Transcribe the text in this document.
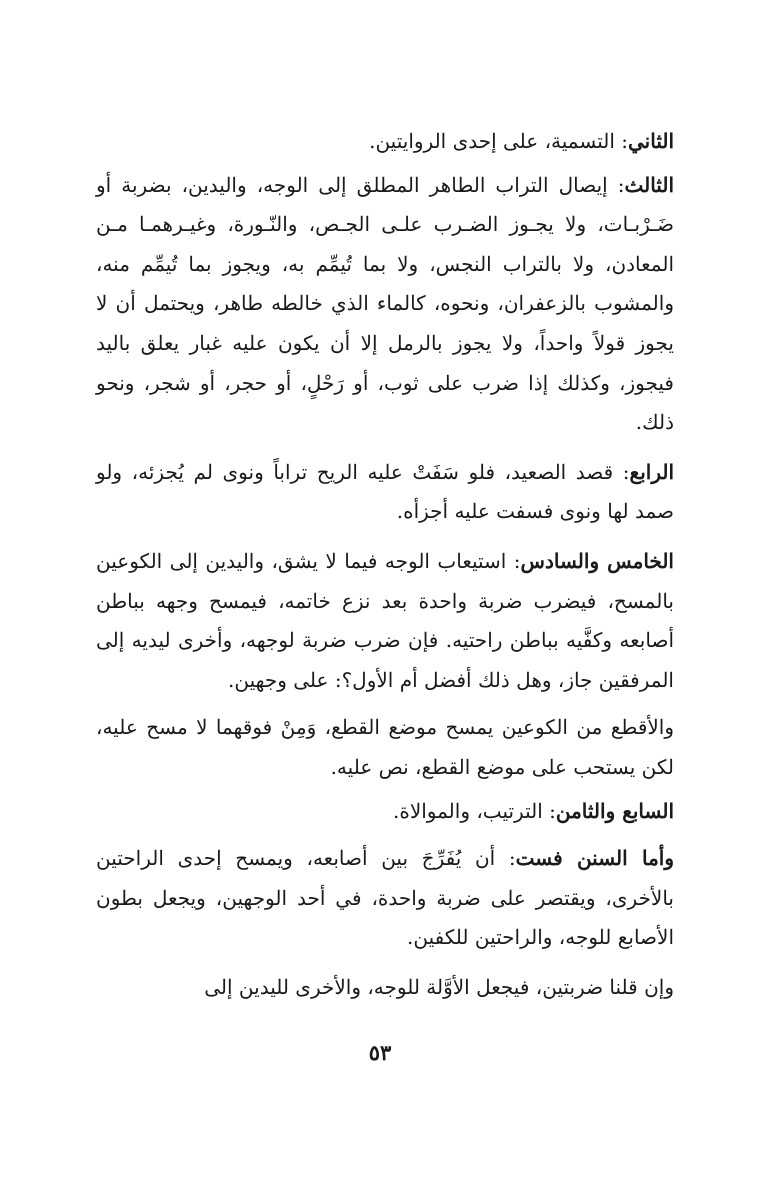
الثاني: التسمية، على إحدى الروايتين.

الثالث: إيصال التراب الطاهر المطلق إلى الوجه، واليدين، بضربة أو ضَـرْبـات، ولا يجـوز الضـرب علـى الجـص، والنّـورة، وغيـرهمـا مـن المعادن، ولا بالتراب النجس، ولا بما تُيمِّم به، ويجوز بما تُيمِّم منه، والمشوب بالزعفران، ونحوه، كالماء الذي خالطه طاهر، ويحتمل أن لا يجوز قولاً واحداً، ولا يجوز بالرمل إلا أن يكون عليه غبار يعلق باليد فيجوز، وكذلك إذا ضرب على ثوب، أو رَحْلٍ، أو حجر، أو شجر، ونحو ذلك.

الرابع: قصد الصعيد، فلو سَفَتْ عليه الريح تراباً ونوى لم يُجزئه، ولو صمد لها ونوى فسفت عليه أجزأه.

الخامس والسادس: استيعاب الوجه فيما لا يشق، واليدين إلى الكوعين بالمسح، فيضرب ضربة واحدة بعد نزع خاتمه، فيمسح وجهه بباطن أصابعه وكفَّيه بباطن راحتيه. فإن ضرب ضربة لوجهه، وأخرى ليديه إلى المرفقين جاز، وهل ذلك أفضل أم الأول؟: على وجهين.

والأقطع من الكوعين يمسح موضع القطع، وَمِنْ فوقهما لا مسح عليه، لكن يستحب على موضع القطع، نص عليه.

السابع والثامن: الترتيب، والموالاة.

وأما السنن فست: أن يُفَرِّجَ بين أصابعه، ويمسح إحدى الراحتين بالأخرى، ويقتصر على ضربة واحدة، في أحد الوجهين، ويجعل بطون الأصابع للوجه، والراحتين للكفين.

وإن قلنا ضربتين، فيجعل الأوَّلة للوجه، والأخرى لليدين إلى

٥٣
